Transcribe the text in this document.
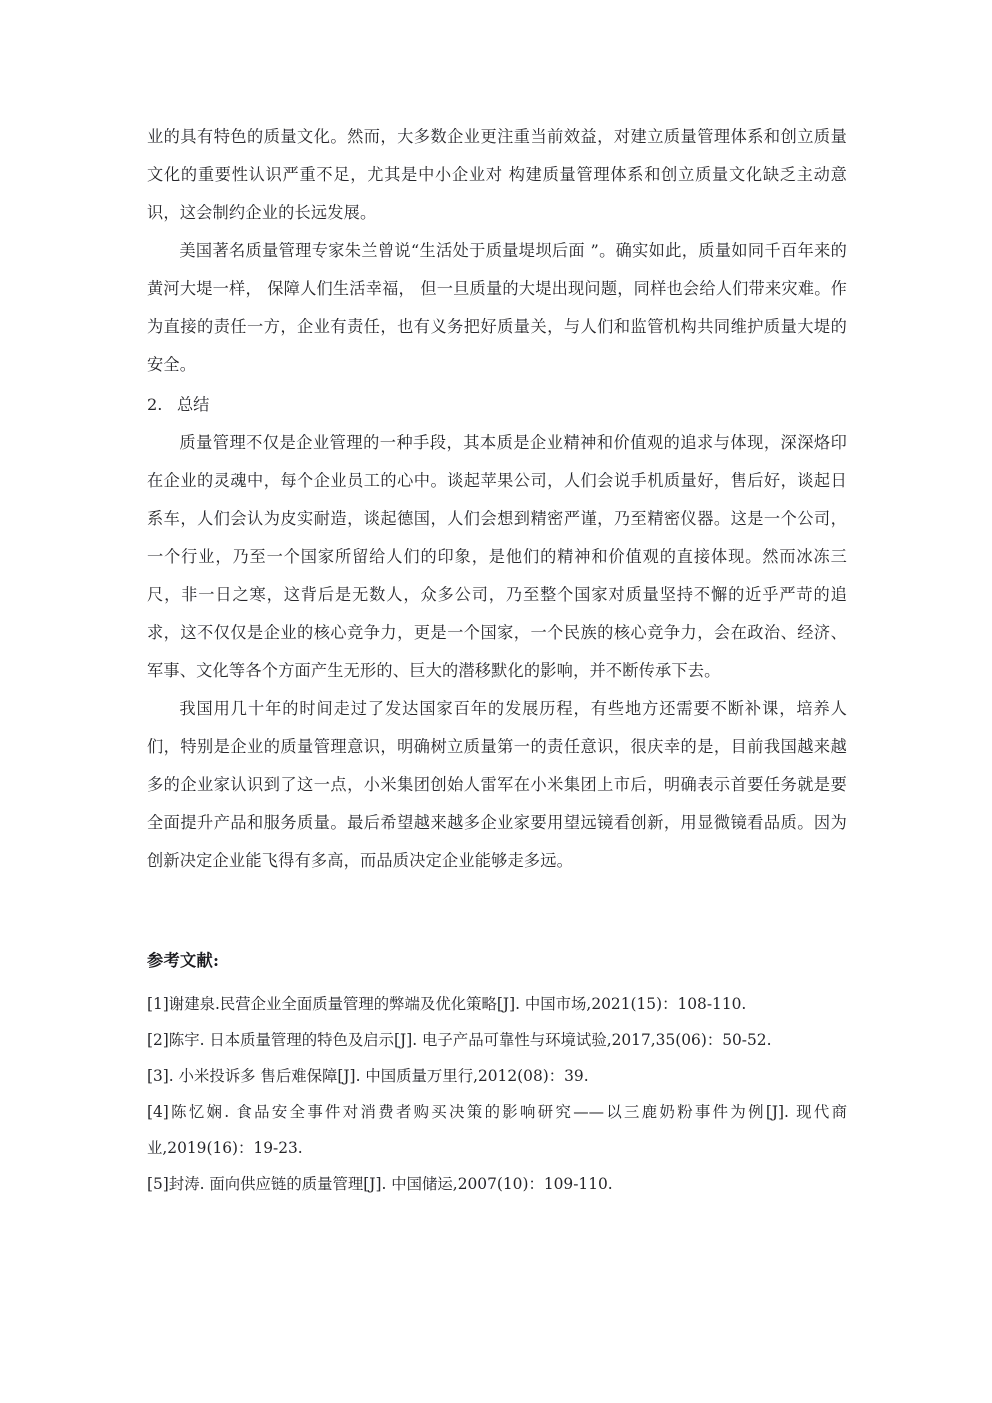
业的具有特色的质量文化。然而，大多数企业更注重当前效益，对建立质量管理体系和创立质量文化的重要性认识严重不足，尤其是中小企业对 构建质量管理体系和创立质量文化缺乏主动意识，这会制约企业的长远发展。

美国著名质量管理专家朱兰曾说“生活处于质量堤坝后面 ”。确实如此，质量如同千百年来的黄河大堤一样， 保障人们生活幸福， 但一旦质量的大堤出现问题，同样也会给人们带来灾难。作为直接的责任一方，企业有责任，也有义务把好质量关，与人们和监管机构共同维护质量大堤的安全。

2. 总结

质量管理不仅是企业管理的一种手段，其本质是企业精神和价值观的追求与体现，深深烙印在企业的灵魂中，每个企业员工的心中。谈起苹果公司，人们会说手机质量好，售后好，谈起日系车，人们会认为皮实耐造，谈起德国，人们会想到精密严谨，乃至精密仪器。这是一个公司，一个行业，乃至一个国家所留给人们的印象，是他们的精神和价值观的直接体现。然而冰冻三尺，非一日之寒，这背后是无数人，众多公司，乃至整个国家对质量坚持不懈的近乎严苛的追求，这不仅仅是企业的核心竞争力，更是一个国家，一个民族的核心竞争力，会在政治、经济、军事、文化等各个方面产生无形的、巨大的潜移默化的影响，并不断传承下去。

我国用几十年的时间走过了发达国家百年的发展历程，有些地方还需要不断补课，培养人们，特别是企业的质量管理意识，明确树立质量第一的责任意识，很庆幸的是，目前我国越来越多的企业家认识到了这一点，小米集团创始人雷军在小米集团上市后，明确表示首要任务就是要全面提升产品和服务质量。最后希望越来越多企业家要用望远镜看创新，用显微镜看品质。因为创新决定企业能飞得有多高，而品质决定企业能够走多远。

参考文献:

[1]谢建泉.民营企业全面质量管理的弊端及优化策略[J]. 中国市场,2021(15)：108-110.

[2]陈宇. 日本质量管理的特色及启示[J]. 电子产品可靠性与环境试验,2017,35(06)：50-52.

[3]. 小米投诉多 售后难保障[J]. 中国质量万里行,2012(08)：39.

[4]陈忆娴. 食品安全事件对消费者购买决策的影响研究——以三鹿奶粉事件为例[J]. 现代商业,2019(16)：19-23.

[5]封涛. 面向供应链的质量管理[J]. 中国储运,2007(10)：109-110.
